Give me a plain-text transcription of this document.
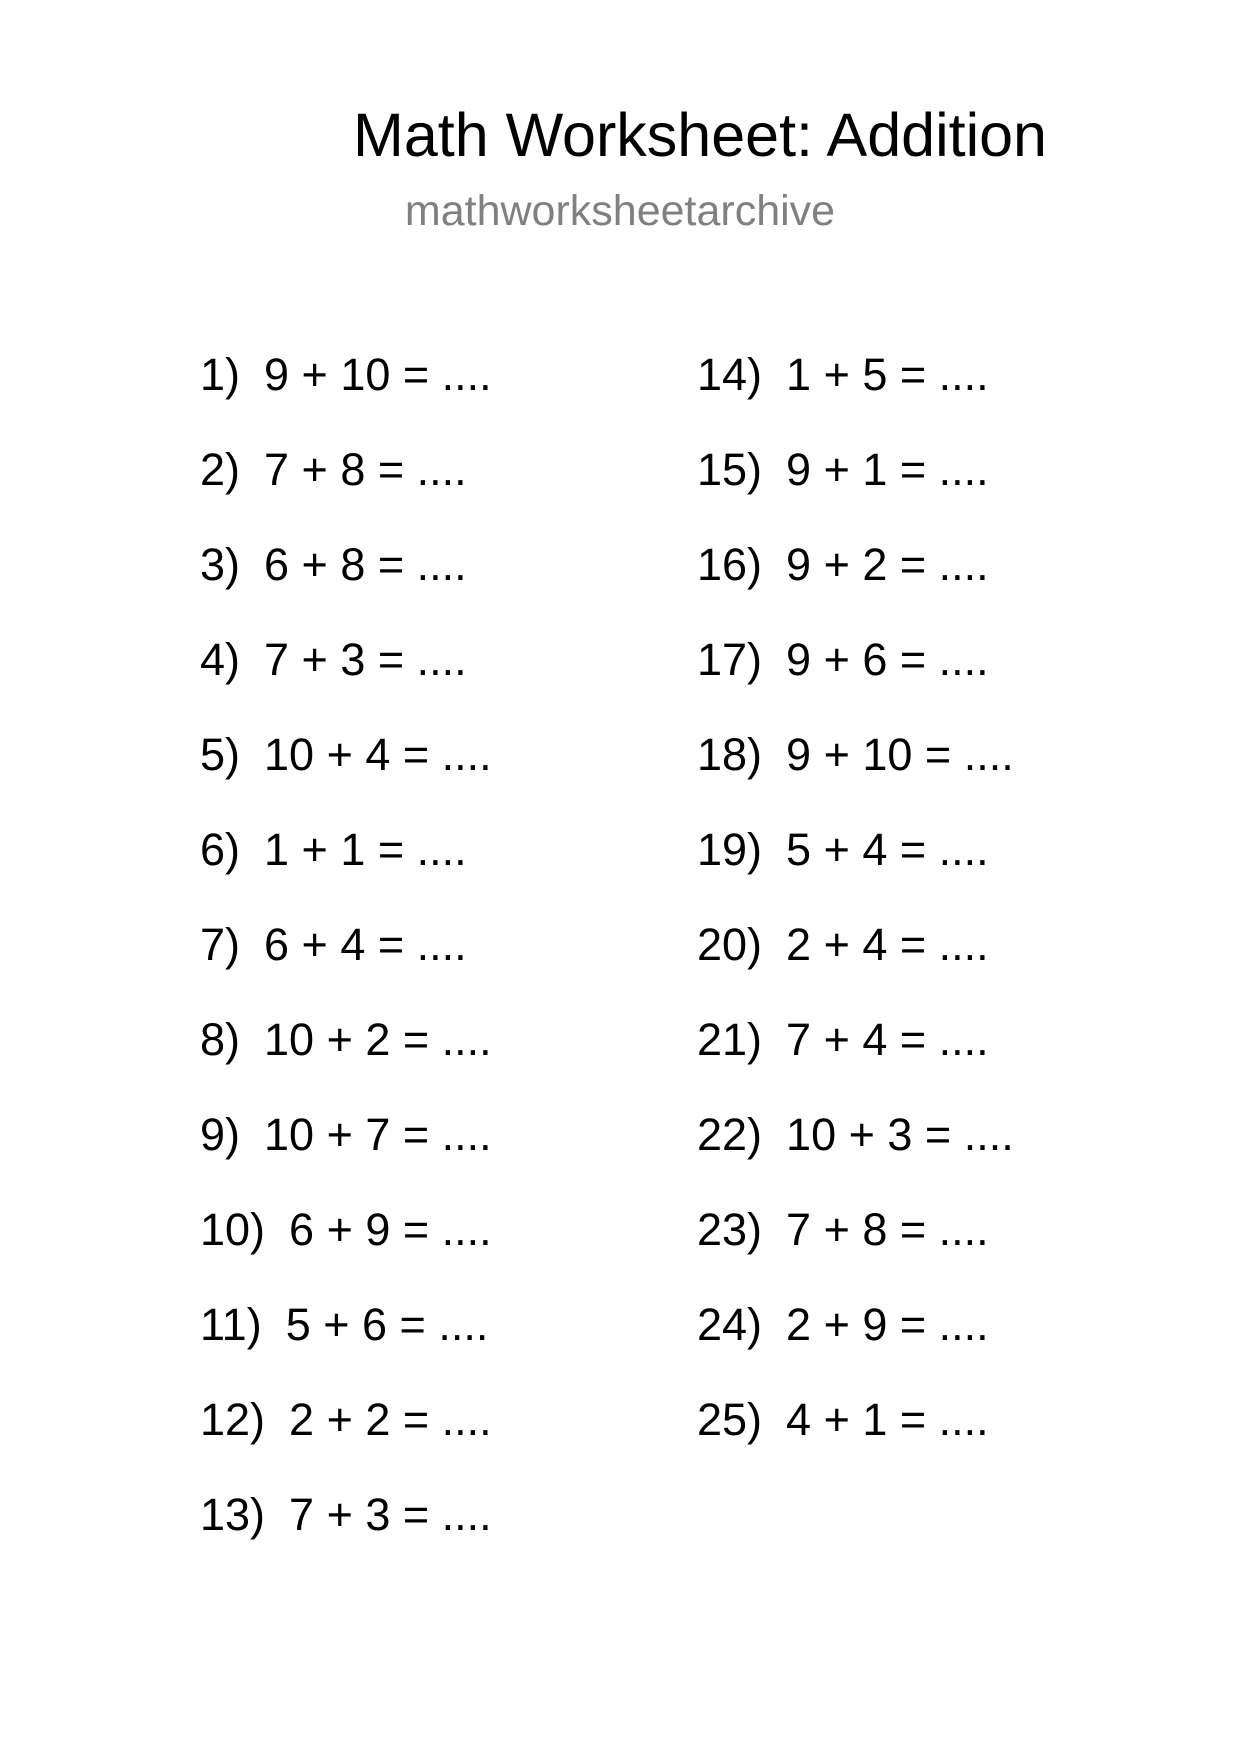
Math Worksheet: Addition
mathworksheetarchive
1) 9 + 10 = ....
2) 7 + 8 = ....
3) 6 + 8 = ....
4) 7 + 3 = ....
5) 10 + 4 = ....
6) 1 + 1 = ....
7) 6 + 4 = ....
8) 10 + 2 = ....
9) 10 + 7 = ....
10) 6 + 9 = ....
11) 5 + 6 = ....
12) 2 + 2 = ....
13) 7 + 3 = ....
14) 1 + 5 = ....
15) 9 + 1 = ....
16) 9 + 2 = ....
17) 9 + 6 = ....
18) 9 + 10 = ....
19) 5 + 4 = ....
20) 2 + 4 = ....
21) 7 + 4 = ....
22) 10 + 3 = ....
23) 7 + 8 = ....
24) 2 + 9 = ....
25) 4 + 1 = ....
